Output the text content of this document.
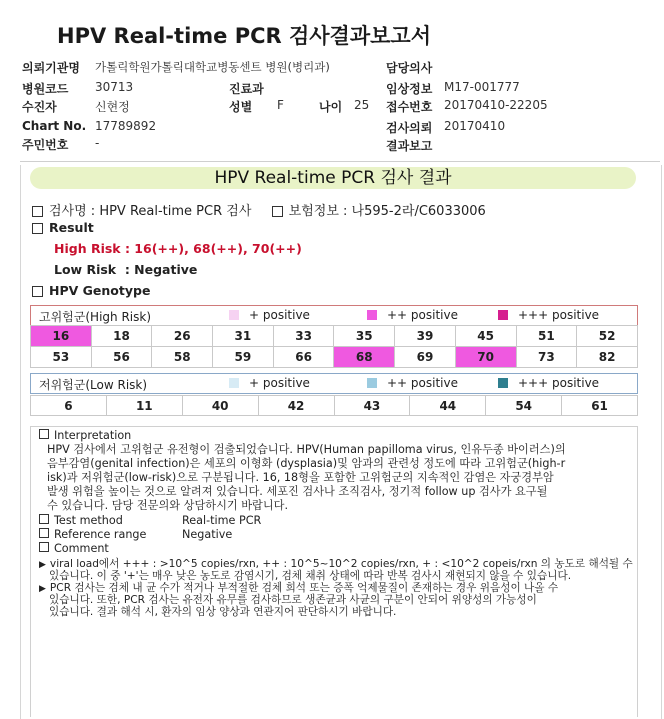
HPV Real-time PCR 검사결과보고서
의뢰기관명 가톨릭학원가톨릭대학교병동센트 병원(병리과)
병원코드 30713
수진자	신현정
Chart No. 17789892
주민번호 -
진료과
성별 F	나이 25
담당의사
임상정보 M17-001777
접수번호 20170410-22205
검사의뢰 20170410
결과보고
HPV Real-time PCR 검사 결과
검사명 : HPV Real-time PCR 검사	보험정보 : 나595-2라/C6033006
Result
High Risk : 16(++), 68(++), 70(++)
Low Risk  : Negative
HPV Genotype
고위험군(High Risk)	+ positive	++ positive	+++ positive
16	18	26	31	33	35	39	45	51	52
53	56	58	59	66	68	69	70	73	82
저위험군(Low Risk)	+ positive	++ positive	+++ positive
6	11	40	42	43	44	54	61
Interpretation
HPV 검사에서 고위험군 유전형이 검출되었습니다. HPV(Human papilloma virus, 인유두종 바이러스)의
음부감염(genital infection)은 세포의 이형화 (dysplasia)및 암과의 관련성 정도에 따라 고위험군(high-r
isk)과 저위험군(low-risk)으로 구분됩니다. 16, 18형을 포함한 고위험군의 지속적인 감염은 자궁경부암
발생 위험을 높이는 것으로 알려져 있습니다. 세포진 검사나 조직검사, 정기적 follow up 검사가 요구될
수 있습니다. 담당 전문의와 상담하시기 바랍니다.
Test method	Real-time PCR
Reference range	Negative
Comment
▶ viral load에서 +++ : >10^5 copies/rxn, ++ : 10^5~10^2 copies/rxn, + : <10^2 copeis/rxn 의 농도로 해석될 수
있습니다. 이 중 '+'는 매우 낮은 농도로 감염시기, 검체 채취 상태에 따라 반복 검사시 재현되지 않을 수 있습니다.
▶ PCR 검사는 검체 내 균 수가 적거나 부적절한 검체 희석 또는 증폭 억제물질이 존재하는 경우 위음성이 나올 수
있습니다. 또한, PCR 검사는 유전자 유무를 검사하므로 생존균과 사균의 구분이 안되어 위양성의 가능성이
있습니다. 결과 해석 시, 환자의 임상 양상과 연관지어 판단하시기 바랍니다.
